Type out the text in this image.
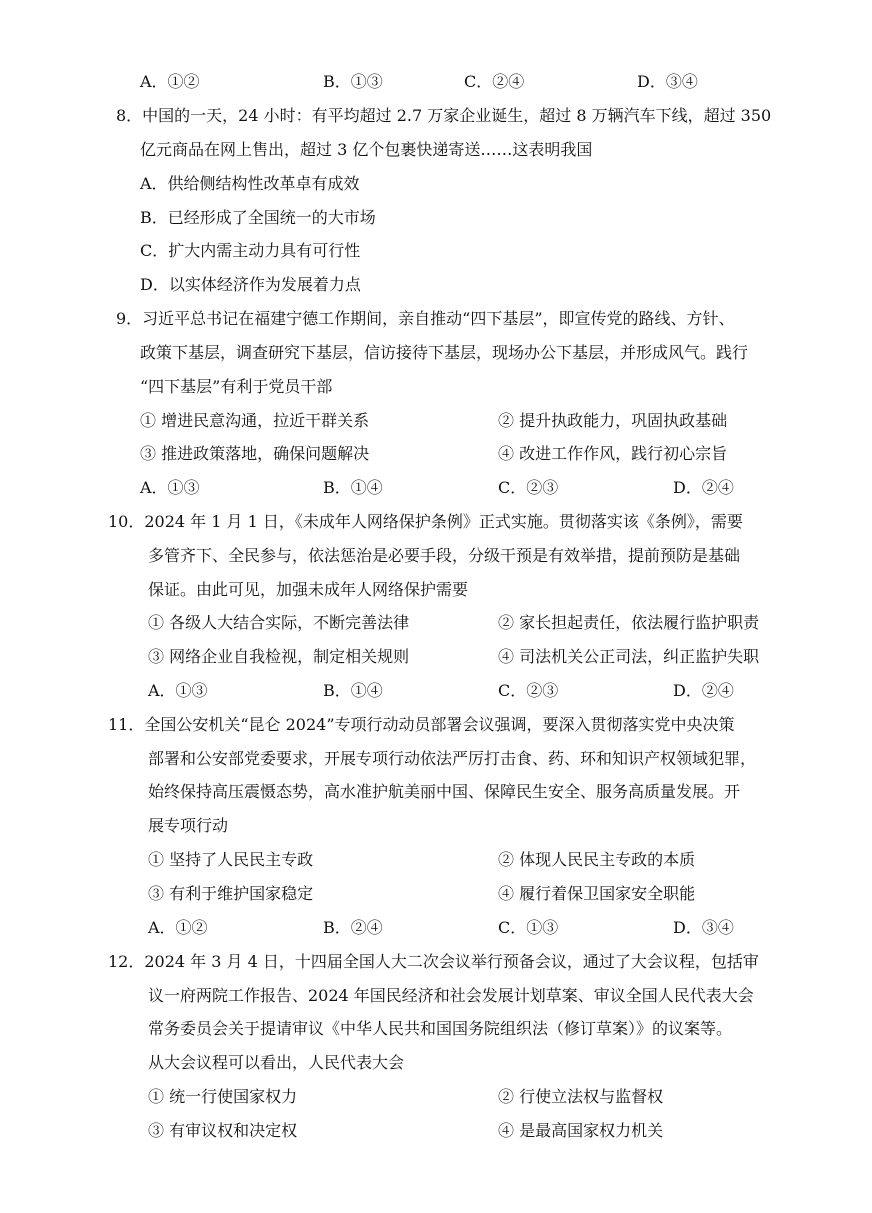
A．①②	B．①③	C．②④	D．③④
8．中国的一天，24 小时：有平均超过 2.7 万家企业诞生，超过 8 万辆汽车下线，超过 350
亿元商品在网上售出，超过 3 亿个包裹快递寄送……这表明我国
A．供给侧结构性改革卓有成效
B．已经形成了全国统一的大市场
C．扩大内需主动力具有可行性
D．以实体经济作为发展着力点
9．习近平总书记在福建宁德工作期间，亲自推动“四下基层”，即宣传党的路线、方针、
政策下基层，调查研究下基层，信访接待下基层，现场办公下基层，并形成风气。践行
“四下基层”有利于党员干部
① 增进民意沟通，拉近干群关系	② 提升执政能力，巩固执政基础
③ 推进政策落地，确保问题解决	④ 改进工作作风，践行初心宗旨
A．①③	B．①④	C．②③	D．②④
10．2024 年 1 月 1 日，《未成年人网络保护条例》正式实施。贯彻落实该《条例》，需要
多管齐下、全民参与，依法惩治是必要手段，分级干预是有效举措，提前预防是基础
保证。由此可见，加强未成年人网络保护需要
① 各级人大结合实际，不断完善法律	② 家长担起责任，依法履行监护职责
③ 网络企业自我检视，制定相关规则	④ 司法机关公正司法，纠正监护失职
A．①③	B．①④	C．②③	D．②④
11．全国公安机关“昆仑 2024”专项行动动员部署会议强调，要深入贯彻落实党中央决策
部署和公安部党委要求，开展专项行动依法严厉打击食、药、环和知识产权领域犯罪，
始终保持高压震慑态势，高水准护航美丽中国、保障民生安全、服务高质量发展。开
展专项行动
① 坚持了人民民主专政	② 体现人民民主专政的本质
③ 有利于维护国家稳定	④ 履行着保卫国家安全职能
A．①②	B．②④	C．①③	D．③④
12．2024 年 3 月 4 日，十四届全国人大二次会议举行预备会议，通过了大会议程，包括审
议一府两院工作报告、2024 年国民经济和社会发展计划草案、审议全国人民代表大会
常务委员会关于提请审议《中华人民共和国国务院组织法（修订草案）》的议案等。
从大会议程可以看出，人民代表大会
① 统一行使国家权力	② 行使立法权与监督权
③ 有审议权和决定权	④ 是最高国家权力机关
